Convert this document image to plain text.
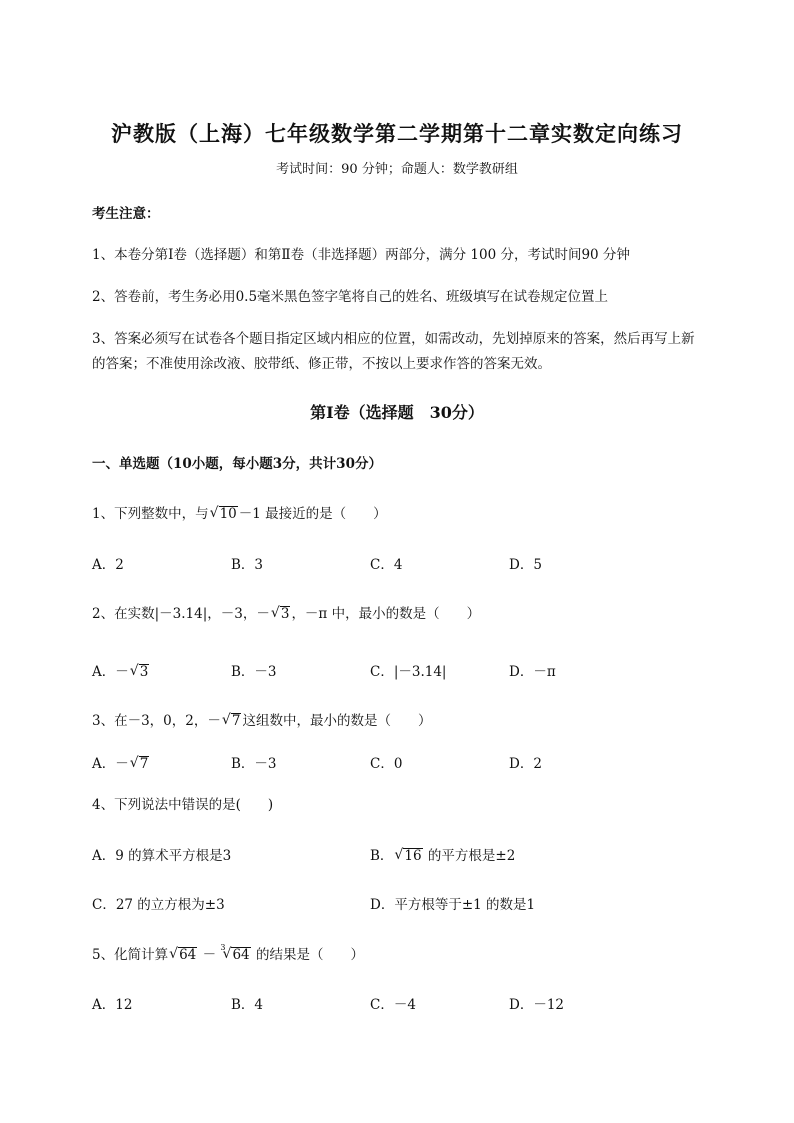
沪教版（上海）七年级数学第二学期第十二章实数定向练习
考试时间：90 分钟；命题人：数学教研组
考生注意：
1、本卷分第Ⅰ卷（选择题）和第Ⅱ卷（非选择题）两部分，满分 100 分，考试时间90 分钟
2、答卷前，考生务必用0.5毫米黑色签字笔将自己的姓名、班级填写在试卷规定位置上
3、答案必须写在试卷各个题目指定区域内相应的位置，如需改动，先划掉原来的答案，然后再写上新
的答案；不准使用涂改液、胶带纸、修正带，不按以上要求作答的答案无效。
第Ⅰ卷（选择题　30分）
一、单选题（10小题，每小题3分，共计30分）
1、下列整数中，与 √ 10 －1 最接近的是（　　）
A．2	B．3	C．4	D．5
2、在实数|－3.14|，－3，－ √ 3 ，－π 中，最小的数是（　　）
A．－ √ 3	B．－3	C．|－3.14|	D．－π
3、在－3，0，2，－ √ 7 这组数中，最小的数是（　　）
A．－ √ 7	B．－3	C．0	D．2
4、下列说法中错误的是(　　)
A．9 的算术平方根是3	B． √ 16 的平方根是±2
C．27 的立方根为±3	D．平方根等于±1 的数是1
5、化简计算 √ 64 － $^3$ √ 64 的结果是（　　）
A．12	B．4	C．－4	D．－12
